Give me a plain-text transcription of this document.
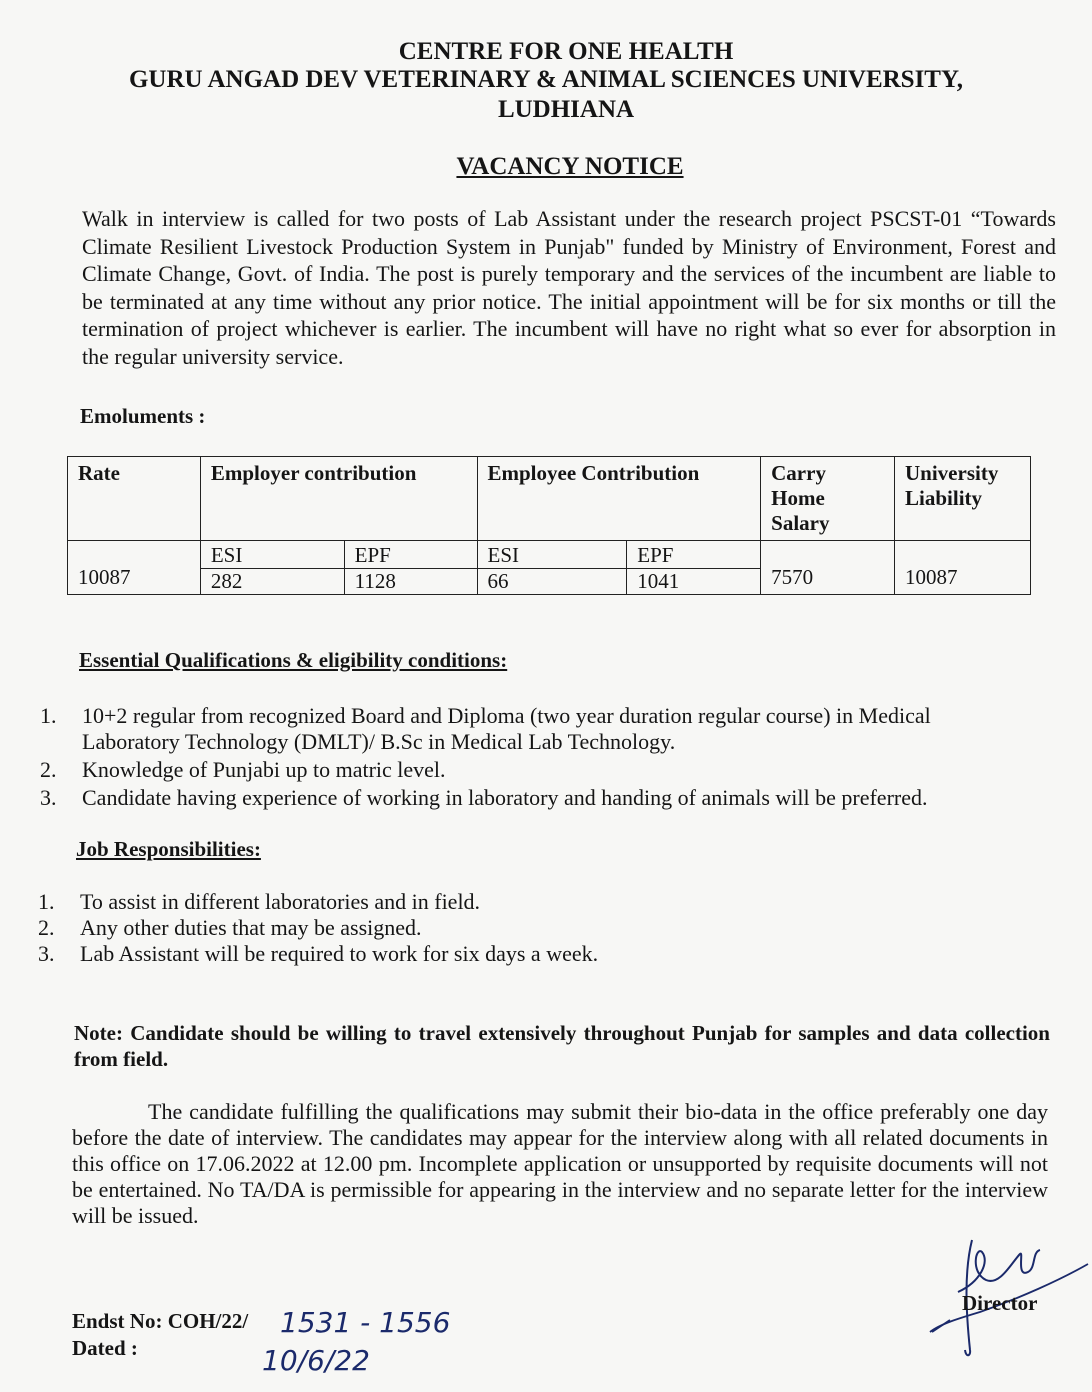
CENTRE FOR ONE HEALTH

GURU ANGAD DEV VETERINARY & ANIMAL SCIENCES UNIVERSITY,

LUDHIANA

VACANCY NOTICE

Walk in interview is called for two posts of Lab Assistant under the research project PSCST-01 “Towards Climate Resilient Livestock Production System in Punjab" funded by Ministry of Environment, Forest and Climate Change, Govt. of India. The post is purely temporary and the services of the incumbent are liable to be terminated at any time without any prior notice. The initial appointment will be for six months or till the termination of project whichever is earlier. The incumbent will have no right what so ever for absorption in the regular university service.

Emoluments :

Rate	Employer contribution		Employee Contribution		Carry Home Salary	University Liability
10087	ESI	EPF	ESI	EPF	7570	10087
	282	1128	66	1041		

Essential Qualifications & eligibility conditions:

1. 10+2 regular from recognized Board and Diploma (two year duration regular course) in Medical Laboratory Technology (DMLT)/ B.Sc in Medical Lab Technology.
2. Knowledge of Punjabi up to matric level.
3. Candidate having experience of working in laboratory and handing of animals will be preferred.

Job Responsibilities:

1. To assist in different laboratories and in field.
2. Any other duties that may be assigned.
3. Lab Assistant will be required to work for six days a week.

Note: Candidate should be willing to travel extensively throughout Punjab for samples and data collection from field.

The candidate fulfilling the qualifications may submit their bio-data in the office preferably one day before the date of interview. The candidates may appear for the interview along with all related documents in this office on 17.06.2022 at 12.00 pm. Incomplete application or unsupported by requisite documents will not be entertained. No TA/DA is permissible for appearing in the interview and no separate letter for the interview will be issued.

Endst No: COH/22/ 1531 - 1556

Dated :	10/6/22

Director
